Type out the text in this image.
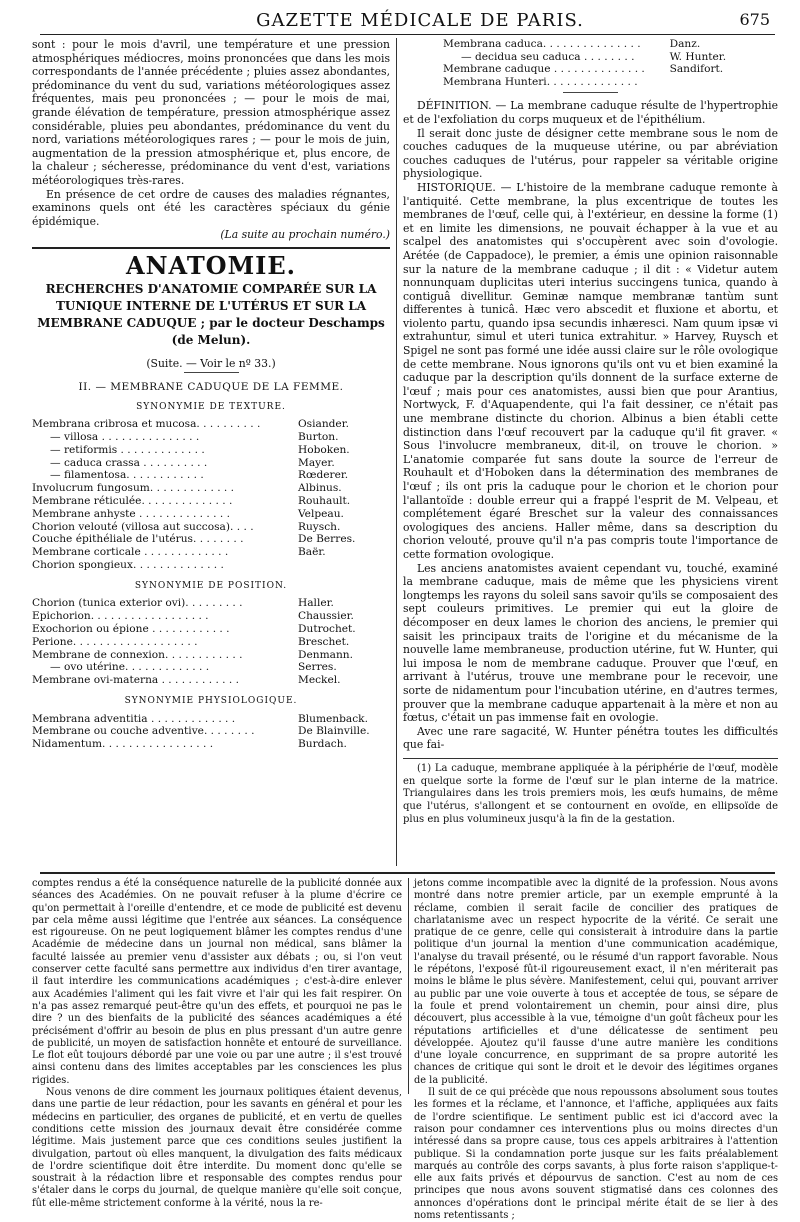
GAZETTE MÉDICALE DE PARIS.	675

sont : pour le mois d'avril, une température et une pression atmosphériques médiocres, moins prononcées que dans les mois correspondants de l'année précédente ; pluies assez abondantes, prédominance du vent du sud, variations météorologiques assez fréquentes, mais peu prononcées ; — pour le mois de mai, grande élévation de température, pression atmosphérique assez considérable, pluies peu abondantes, prédominance du vent du nord, variations météorologiques rares ; — pour le mois de juin, augmentation de la pression atmosphérique et, plus encore, de la chaleur ; sécheresse, prédominance du vent d'est, variations météorologiques très-rares.

En présence de cet ordre de causes des maladies régnantes, examinons quels ont été les caractères spéciaux du génie épidémique.

(La suite au prochain numéro.)

ANATOMIE.
RECHERCHES D'ANATOMIE COMPARÉE SUR LA TUNIQUE INTERNE DE L'UTÉRUS ET SUR LA MEMBRANE CADUQUE ; par le docteur Deschamps (de Melun).
(Suite. — Voir le nº 33.)
II. — MEMBRANE CADUQUE DE LA FEMME.
SYNONYMIE DE TEXTURE.
Membrana cribrosa et mucosa. . . . . . . . . .	Osiander.
— villosa . . . . . . . . . . . . . . .	Burton.
— retiformis . . . . . . . . . . . . .	Hoboken.
— caduca crassa . . . . . . . . . .	Mayer.
— filamentosa. . . . . . . . . . . .	Rœderer.
Involucrum fungosum. . . . . . . . . . . . .	Albinus.
Membrane réticulée. . . . . . . . . . . . . .	Rouhault.
Membrane anhyste . . . . . . . . . . . . . .	Velpeau.
Chorion velouté (villosa aut succosa). . . .	Ruysch.
Couche épithéliale de l'utérus. . . . . . . .	De Berres.
Membrane corticale . . . . . . . . . . . . .	Baër.
Chorion spongieux. . . . . . . . . . . . . .	
SYNONYMIE DE POSITION.
Chorion (tunica exterior ovi). . . . . . . . .	Haller.
Epichorion. . . . . . . . . . . . . . . . . .	Chaussier.
Exochorion ou épione . . . . . . . . . . . .	Dutrochet.
Perione. . . . . . . . . . . . . . . . . . .	Breschet.
Membrane de connexion. . . . . . . . . . . .	Denmann.
— ovo utérine. . . . . . . . . . . . .	Serres.
Membrane ovi-materna . . . . . . . . . . . .	Meckel.
SYNONYMIE PHYSIOLOGIQUE.
Membrana adventitia . . . . . . . . . . . . .	Blumenback.
Membrane ou couche adventive. . . . . . . .	De Blainville.
Nidamentum. . . . . . . . . . . . . . . . .	Burdach.
Membrana caduca. . . . . . . . . . . . . . .	Danz.
— decidua seu caduca . . . . . . . .	W. Hunter.
Membrane caduque . . . . . . . . . . . . . .	Sandifort.
Membrana Hunteri. . . . . . . . . . . . . .	

DÉFINITION. — La membrane caduque résulte de l'hypertrophie et de l'exfoliation du corps muqueux et de l'épithélium.

Il serait donc juste de désigner cette membrane sous le nom de couches caduques de la muqueuse utérine, ou par abréviation couches caduques de l'utérus, pour rappeler sa véritable origine physiologique.

HISTORIQUE. — L'histoire de la membrane caduque remonte à l'antiquité. Cette membrane, la plus excentrique de toutes les membranes de l'œuf, celle qui, à l'extérieur, en dessine la forme (1) et en limite les dimensions, ne pouvait échapper à la vue et au scalpel des anatomistes qui s'occupèrent avec soin d'ovologie. Arétée (de Cappadoce), le premier, a émis une opinion raisonnable sur la nature de la membrane caduque ; il dit : « Videtur autem nonnunquam duplicitas uteri interius succingens tunica, quando à contiguâ divellitur. Geminæ namque membranæ tantùm sunt differentes à tunicâ. Hæc vero abscedit et fluxione et abortu, et violento partu, quando ipsa secundis inhæresci. Nam quum ipsæ vi extrahuntur, simul et uteri tunica extrahitur. » Harvey, Ruysch et Spigel ne sont pas formé une idée aussi claire sur le rôle ovologique de cette membrane. Nous ignorons qu'ils ont vu et bien examiné la caduque par la description qu'ils donnent de la surface externe de l'œuf ; mais pour ces anatomistes, aussi bien que pour Arantius, Nortwyck, F. d'Aquapendente, qui l'a fait dessiner, ce n'était pas une membrane distincte du chorion. Albinus a bien établi cette distinction dans l'œuf recouvert par la caduque qu'il fit graver. « Sous l'involucre membraneux, dit-il, on trouve le chorion. » L'anatomie comparée fut sans doute la source de l'erreur de Rouhault et d'Hoboken dans la détermination des membranes de l'œuf ; ils ont pris la caduque pour le chorion et le chorion pour l'allantoïde : double erreur qui a frappé l'esprit de M. Velpeau, et complétement égaré Breschet sur la valeur des connaissances ovologiques des anciens. Haller même, dans sa description du chorion velouté, prouve qu'il n'a pas compris toute l'importance de cette formation ovologique.

Les anciens anatomistes avaient cependant vu, touché, examiné la membrane caduque, mais de même que les physiciens virent longtemps les rayons du soleil sans savoir qu'ils se composaient des sept couleurs primitives. Le premier qui eut la gloire de décomposer en deux lames le chorion des anciens, le premier qui saisit les principaux traits de l'origine et du mécanisme de la nouvelle lame membraneuse, production utérine, fut W. Hunter, qui lui imposa le nom de membrane caduque. Prouver que l'œuf, en arrivant à l'utérus, trouve une membrane pour le recevoir, une sorte de nidamentum pour l'incubation utérine, en d'autres termes, prouver que la membrane caduque appartenait à la mère et non au fœtus, c'était un pas immense fait en ovologie.

Avec une rare sagacité, W. Hunter pénétra toutes les difficultés que fai-

(1) La caduque, membrane appliquée à la périphérie de l'œuf, modèle en quelque sorte la forme de l'œuf sur le plan interne de la matrice. Triangulaires dans les trois premiers mois, les œufs humains, de même que l'utérus, s'allongent et se contournent en ovoïde, en ellipsoïde de plus en plus volumineux jusqu'à la fin de la gestation.

comptes rendus a été la conséquence naturelle de la publicité donnée aux séances des Académies. On ne pouvait refuser à la plume d'écrire ce qu'on permettait à l'oreille d'entendre, et ce mode de publicité est devenu par cela même aussi légitime que l'entrée aux séances. La conséquence est rigoureuse. On ne peut logiquement blâmer les comptes rendus d'une Académie de médecine dans un journal non médical, sans blâmer la faculté laissée au premier venu d'assister aux débats ; ou, si l'on veut conserver cette faculté sans permettre aux individus d'en tirer avantage, il faut interdire les communications académiques ; c'est-à-dire enlever aux Académies l'aliment qui les fait vivre et l'air qui les fait respirer. On n'a pas assez remarqué peut-être qu'un des effets, et pourquoi ne pas le dire ? un des bienfaits de la publicité des séances académiques a été précisément d'offrir au besoin de plus en plus pressant d'un autre genre de publicité, un moyen de satisfaction honnête et entouré de surveillance. Le flot eût toujours débordé par une voie ou par une autre ; il s'est trouvé ainsi contenu dans des limites acceptables par les consciences les plus rigides.

Nous venons de dire comment les journaux politiques étaient devenus, dans une partie de leur rédaction, pour les savants en général et pour les médecins en particulier, des organes de publicité, et en vertu de quelles conditions cette mission des journaux devait être considérée comme légitime. Mais justement parce que ces conditions seules justifient la divulgation, partout où elles manquent, la divulgation des faits médicaux de l'ordre scientifique doit être interdite. Du moment donc qu'elle se soustrait à la rédaction libre et responsable des comptes rendus pour s'étaler dans le corps du journal, de quelque manière qu'elle soit conçue, fût elle-même strictement conforme à la vérité, nous la re-

jetons comme incompatible avec la dignité de la profession. Nous avons montré dans notre premier article, par un exemple emprunté à la réclame, combien il serait facile de concilier des pratiques de charlatanisme avec un respect hypocrite de la vérité. Ce serait une pratique de ce genre, celle qui consisterait à introduire dans la partie politique d'un journal la mention d'une communication académique, l'analyse du travail présenté, ou le résumé d'un rapport favorable. Nous le répétons, l'exposé fût-il rigoureusement exact, il n'en mériterait pas moins le blâme le plus sévère. Manifestement, celui qui, pouvant arriver au public par une voie ouverte à tous et acceptée de tous, se sépare de la foule et prend volontairement un chemin, pour ainsi dire, plus découvert, plus accessible à la vue, témoigne d'un goût fâcheux pour les réputations artificielles et d'une délicatesse de sentiment peu développée. Ajoutez qu'il fausse d'une autre manière les conditions d'une loyale concurrence, en supprimant de sa propre autorité les chances de critique qui sont le droit et le devoir des légitimes organes de la publicité.

Il suit de ce qui précède que nous repoussons absolument sous toutes les formes et la réclame, et l'annonce, et l'affiche, appliquées aux faits de l'ordre scientifique. Le sentiment public est ici d'accord avec la raison pour condamner ces interventions plus ou moins directes d'un intéressé dans sa propre cause, tous ces appels arbitraires à l'attention publique. Si la condamnation porte jusque sur les faits préalablement marqués au contrôle des corps savants, à plus forte raison s'applique-t-elle aux faits privés et dépourvus de sanction. C'est au nom de ces principes que nous avons souvent stigmatisé dans ces colonnes des annonces d'opérations dont le principal mérite était de se lier à des noms retentissants ;
